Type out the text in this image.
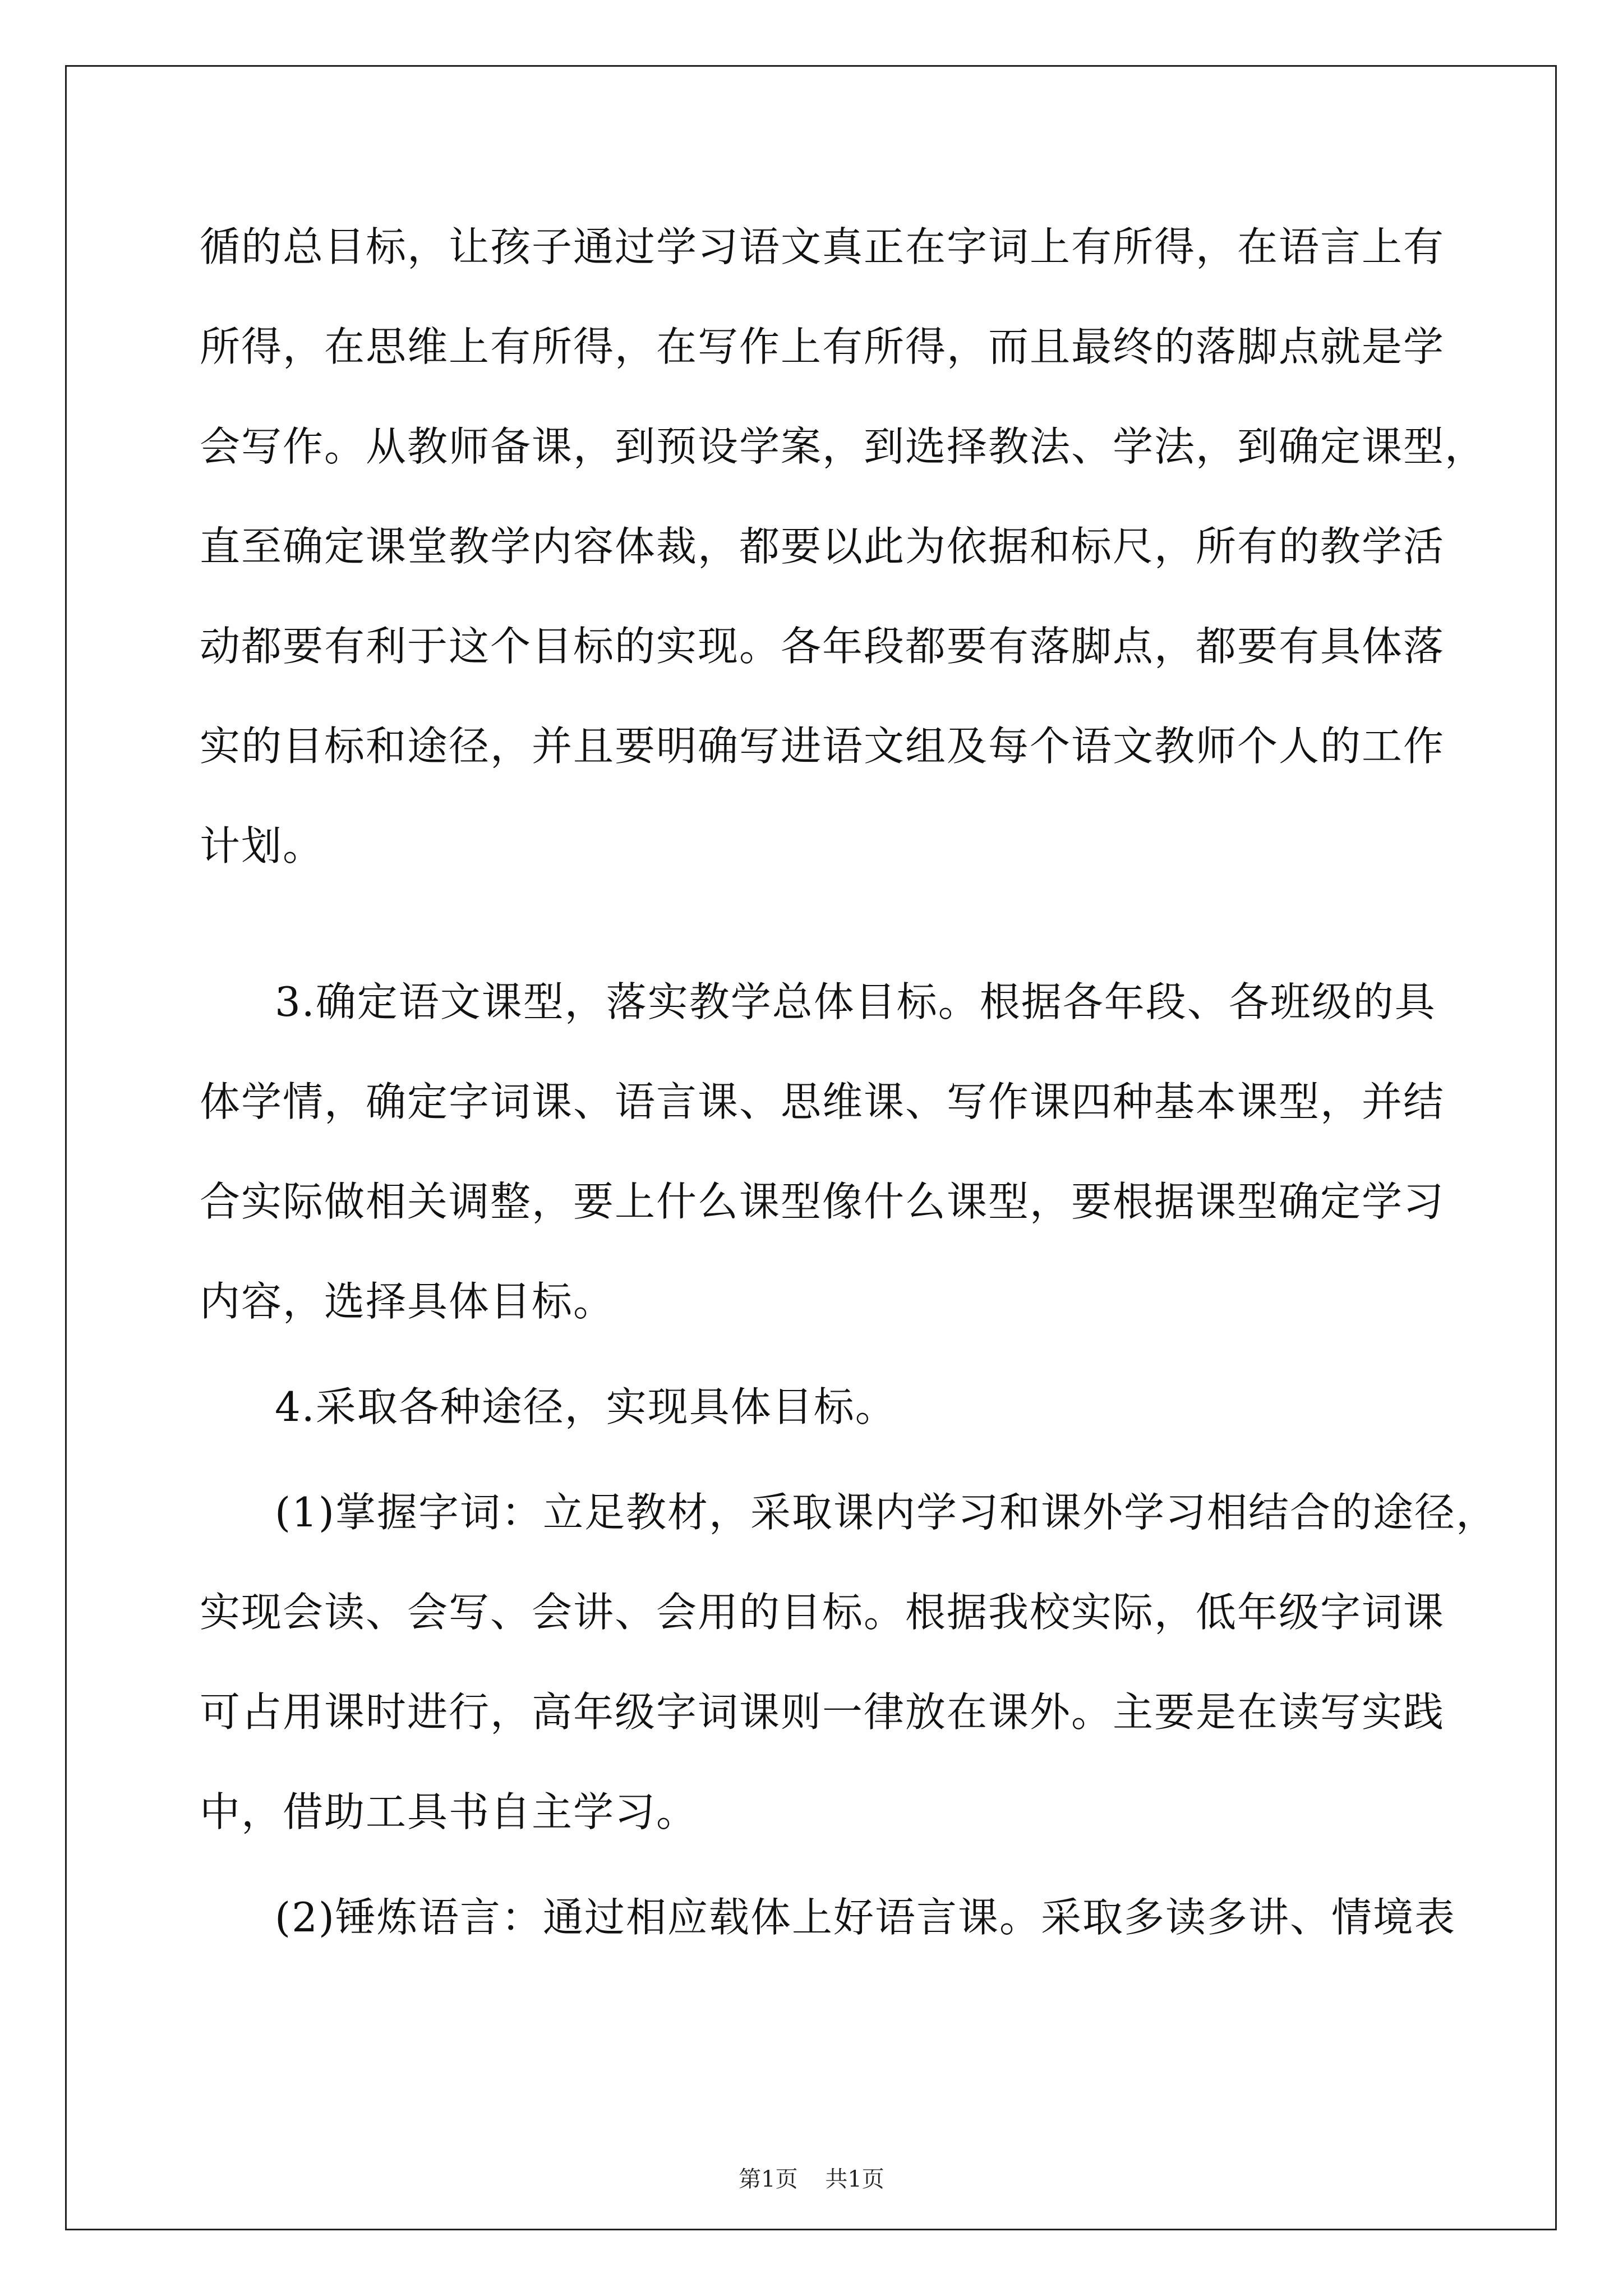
循的总目标，让孩子通过学习语文真正在字词上有所得，在语言上有

所得，在思维上有所得，在写作上有所得，而且最终的落脚点就是学

会写作。从教师备课，到预设学案，到选择教法、学法，到确定课型，

直至确定课堂教学内容体裁，都要以此为依据和标尺，所有的教学活

动都要有利于这个目标的实现。各年段都要有落脚点，都要有具体落

实的目标和途径，并且要明确写进语文组及每个语文教师个人的工作

计划。

3.确定语文课型，落实教学总体目标。根据各年段、各班级的具

体学情，确定字词课、语言课、思维课、写作课四种基本课型，并结

合实际做相关调整，要上什么课型像什么课型，要根据课型确定学习

内容，选择具体目标。

4.采取各种途径，实现具体目标。

(1)掌握字词：立足教材，采取课内学习和课外学习相结合的途径，

实现会读、会写、会讲、会用的目标。根据我校实际，低年级字词课

可占用课时进行，高年级字词课则一律放在课外。主要是在读写实践

中，借助工具书自主学习。

(2)锤炼语言：通过相应载体上好语言课。采取多读多讲、情境表

第1页 共1页
